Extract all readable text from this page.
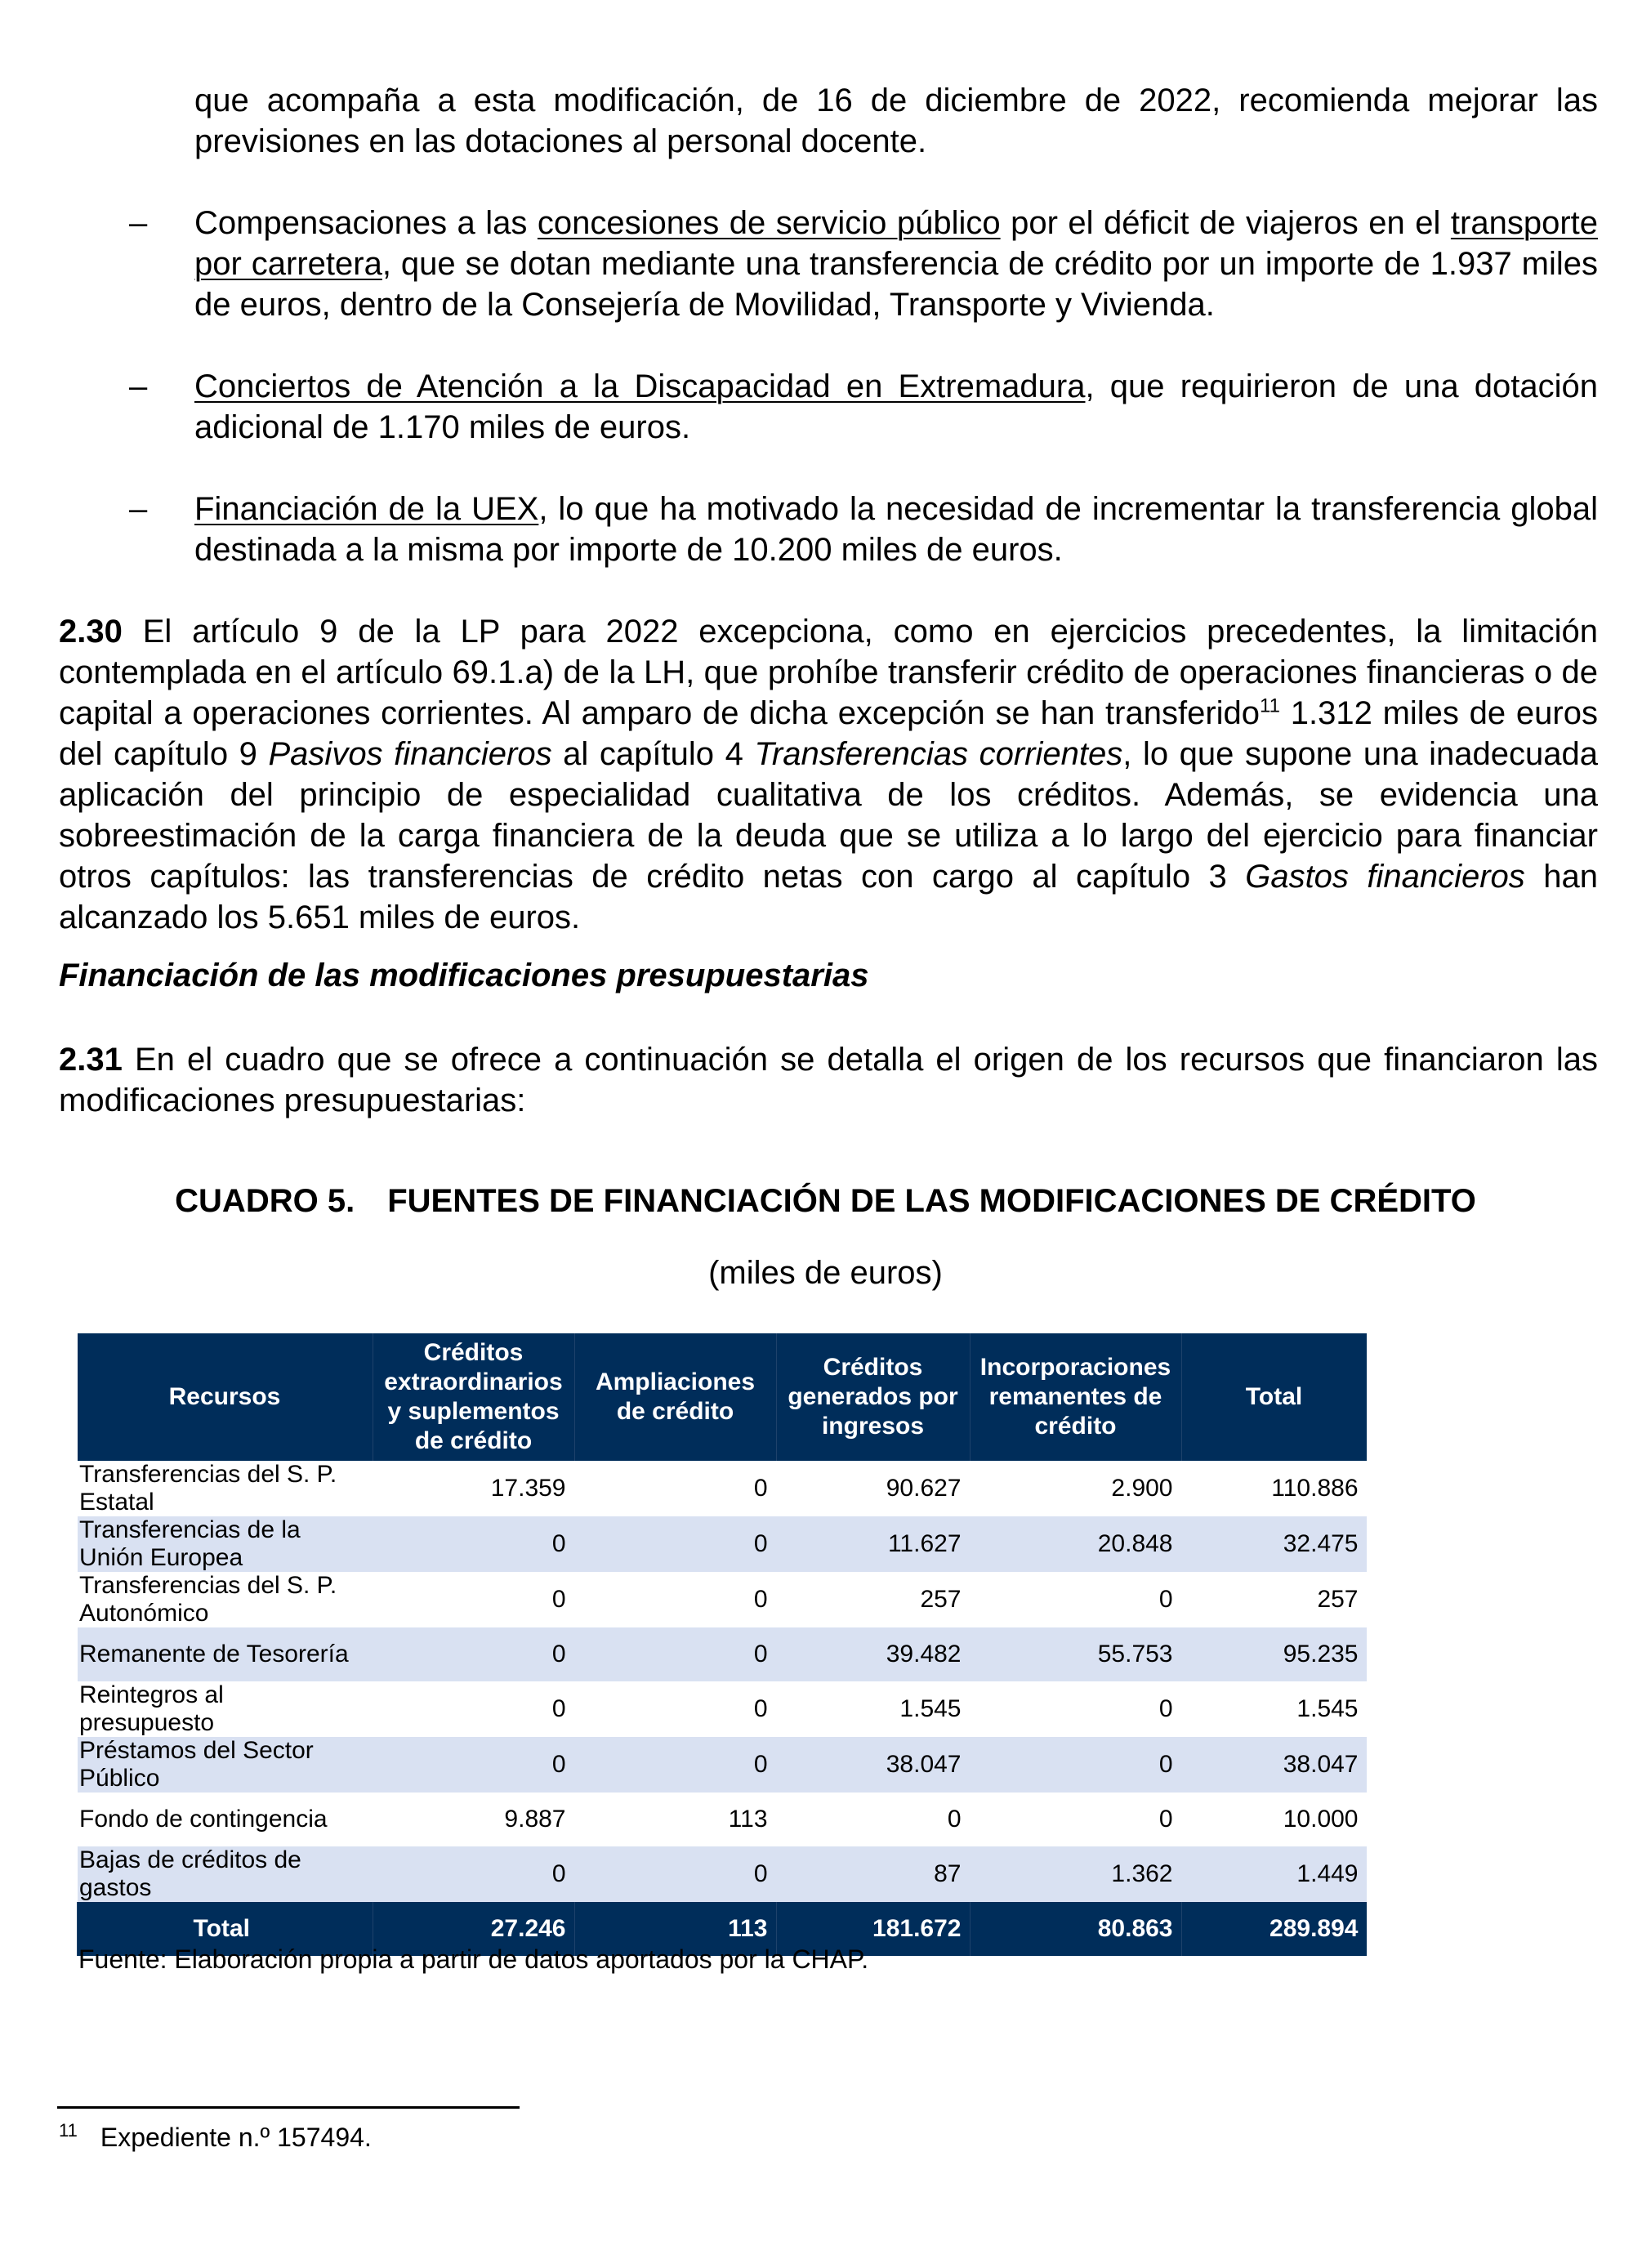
que acompaña a esta modificación, de 16 de diciembre de 2022, recomienda mejorar las previsiones en las dotaciones al personal docente.
– Compensaciones a las concesiones de servicio público por el déficit de viajeros en el transporte por carretera, que se dotan mediante una transferencia de crédito por un importe de 1.937 miles de euros, dentro de la Consejería de Movilidad, Transporte y Vivienda.
– Conciertos de Atención a la Discapacidad en Extremadura, que requirieron de una dotación adicional de 1.170 miles de euros.
– Financiación de la UEX, lo que ha motivado la necesidad de incrementar la transferencia global destinada a la misma por importe de 10.200 miles de euros.
2.30 El artículo 9 de la LP para 2022 excepciona, como en ejercicios precedentes, la limitación contemplada en el artículo 69.1.a) de la LH, que prohíbe transferir crédito de operaciones financieras o de capital a operaciones corrientes. Al amparo de dicha excepción se han transferido$^{11}$ 1.312 miles de euros del capítulo 9 Pasivos financieros al capítulo 4 Transferencias corrientes, lo que supone una inadecuada aplicación del principio de especialidad cualitativa de los créditos. Además, se evidencia una sobreestimación de la carga financiera de la deuda que se utiliza a lo largo del ejercicio para financiar otros capítulos: las transferencias de crédito netas con cargo al capítulo 3 Gastos financieros han alcanzado los 5.651 miles de euros.
Financiación de las modificaciones presupuestarias
2.31 En el cuadro que se ofrece a continuación se detalla el origen de los recursos que financiaron las modificaciones presupuestarias:
CUADRO 5. FUENTES DE FINANCIACIÓN DE LAS MODIFICACIONES DE CRÉDITO
(miles de euros)
Recursos	Créditos extraordinarios y suplementos de crédito	Ampliaciones de crédito	Créditos generados por ingresos	Incorporaciones remanentes de crédito	Total
Transferencias del S. P. Estatal	17.359	0	90.627	2.900	110.886
Transferencias de la Unión Europea	0	0	11.627	20.848	32.475
Transferencias del S. P. Autonómico	0	0	257	0	257
Remanente de Tesorería	0	0	39.482	55.753	95.235
Reintegros al presupuesto	0	0	1.545	0	1.545
Préstamos del Sector Público	0	0	38.047	0	38.047
Fondo de contingencia	9.887	113	0	0	10.000
Bajas de créditos de gastos	0	0	87	1.362	1.449
Total	27.246	113	181.672	80.863	289.894
Fuente: Elaboración propia a partir de datos aportados por la CHAP.
$^{11}$ Expediente n.º 157494.
